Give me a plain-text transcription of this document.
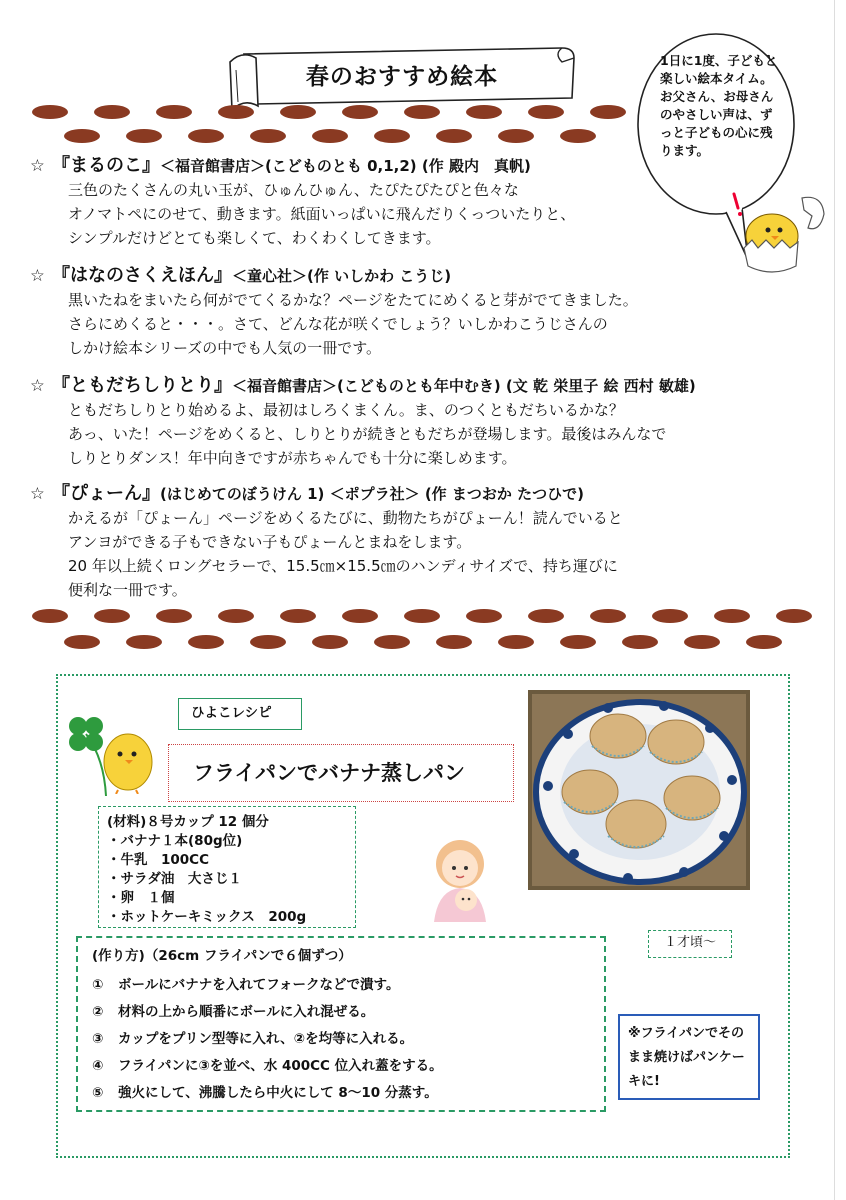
春のおすすめ絵本
1日に1度、子どもと楽しい絵本タイム。お父さん、お母さんのやさしい声は、ずっと子どもの心に残ります。
☆ 『まるのこ』＜福音館書店＞(こどものとも 0,1,2) (作 殿内　真帆)
三色のたくさんの丸い玉が、ひゅんひゅん、たぴたぴたぴと色々な
オノマトペにのせて、動きます。紙面いっぱいに飛んだりくっついたりと、
シンプルだけどとても楽しくて、わくわくしてきます。
☆ 『はなのさくえほん』＜童心社＞(作 いしかわ こうじ)
黒いたねをまいたら何がでてくるかな？ページをたてにめくると芽がでてきました。
さらにめくると・・・。さて、どんな花が咲くでしょう？いしかわこうじさんの
しかけ絵本シリーズの中でも人気の一冊です。
☆ 『ともだちしりとり』＜福音館書店＞(こどものとも年中むき) (文 乾 栄里子 絵 西村 敏雄)
ともだちしりとり始めるよ、最初はしろくまくん。ま、のつくともだちいるかな？
あっ、いた！ページをめくると、しりとりが続きともだちが登場します。最後はみんなで
しりとりダンス！年中向きですが赤ちゃんでも十分に楽しめます。
☆ 『ぴょーん』(はじめてのぼうけん 1) ＜ポプラ社＞ (作 まつおか たつひで)
かえるが「ぴょーん」ページをめくるたびに、動物たちがぴょーん！読んでいると
アンヨができる子もできない子もぴょーんとまねをします。
20 年以上続くロングセラーで、15.5㎝×15.5㎝のハンディサイズで、持ち運びに
便利な一冊です。
ひよこレシピ
フライパンでバナナ蒸しパン
(材料)８号カップ 12 個分
・バナナ１本(80g位)
・牛乳　100CC
・サラダ油　大さじ１
・卵　１個
・ホットケーキミックス　200g
(作り方)（26cm フライパンで６個ずつ）
① ボールにバナナを入れてフォークなどで潰す。
② 材料の上から順番にボールに入れ混ぜる。
③ カップをプリン型等に入れ、②を均等に入れる。
④ フライパンに③を並べ、水 400CC 位入れ蓋をする。
⑤ 強火にして、沸騰したら中火にして 8～10 分蒸す。
１才頃～
※フライパンでそのまま焼けばパンケーキに!
